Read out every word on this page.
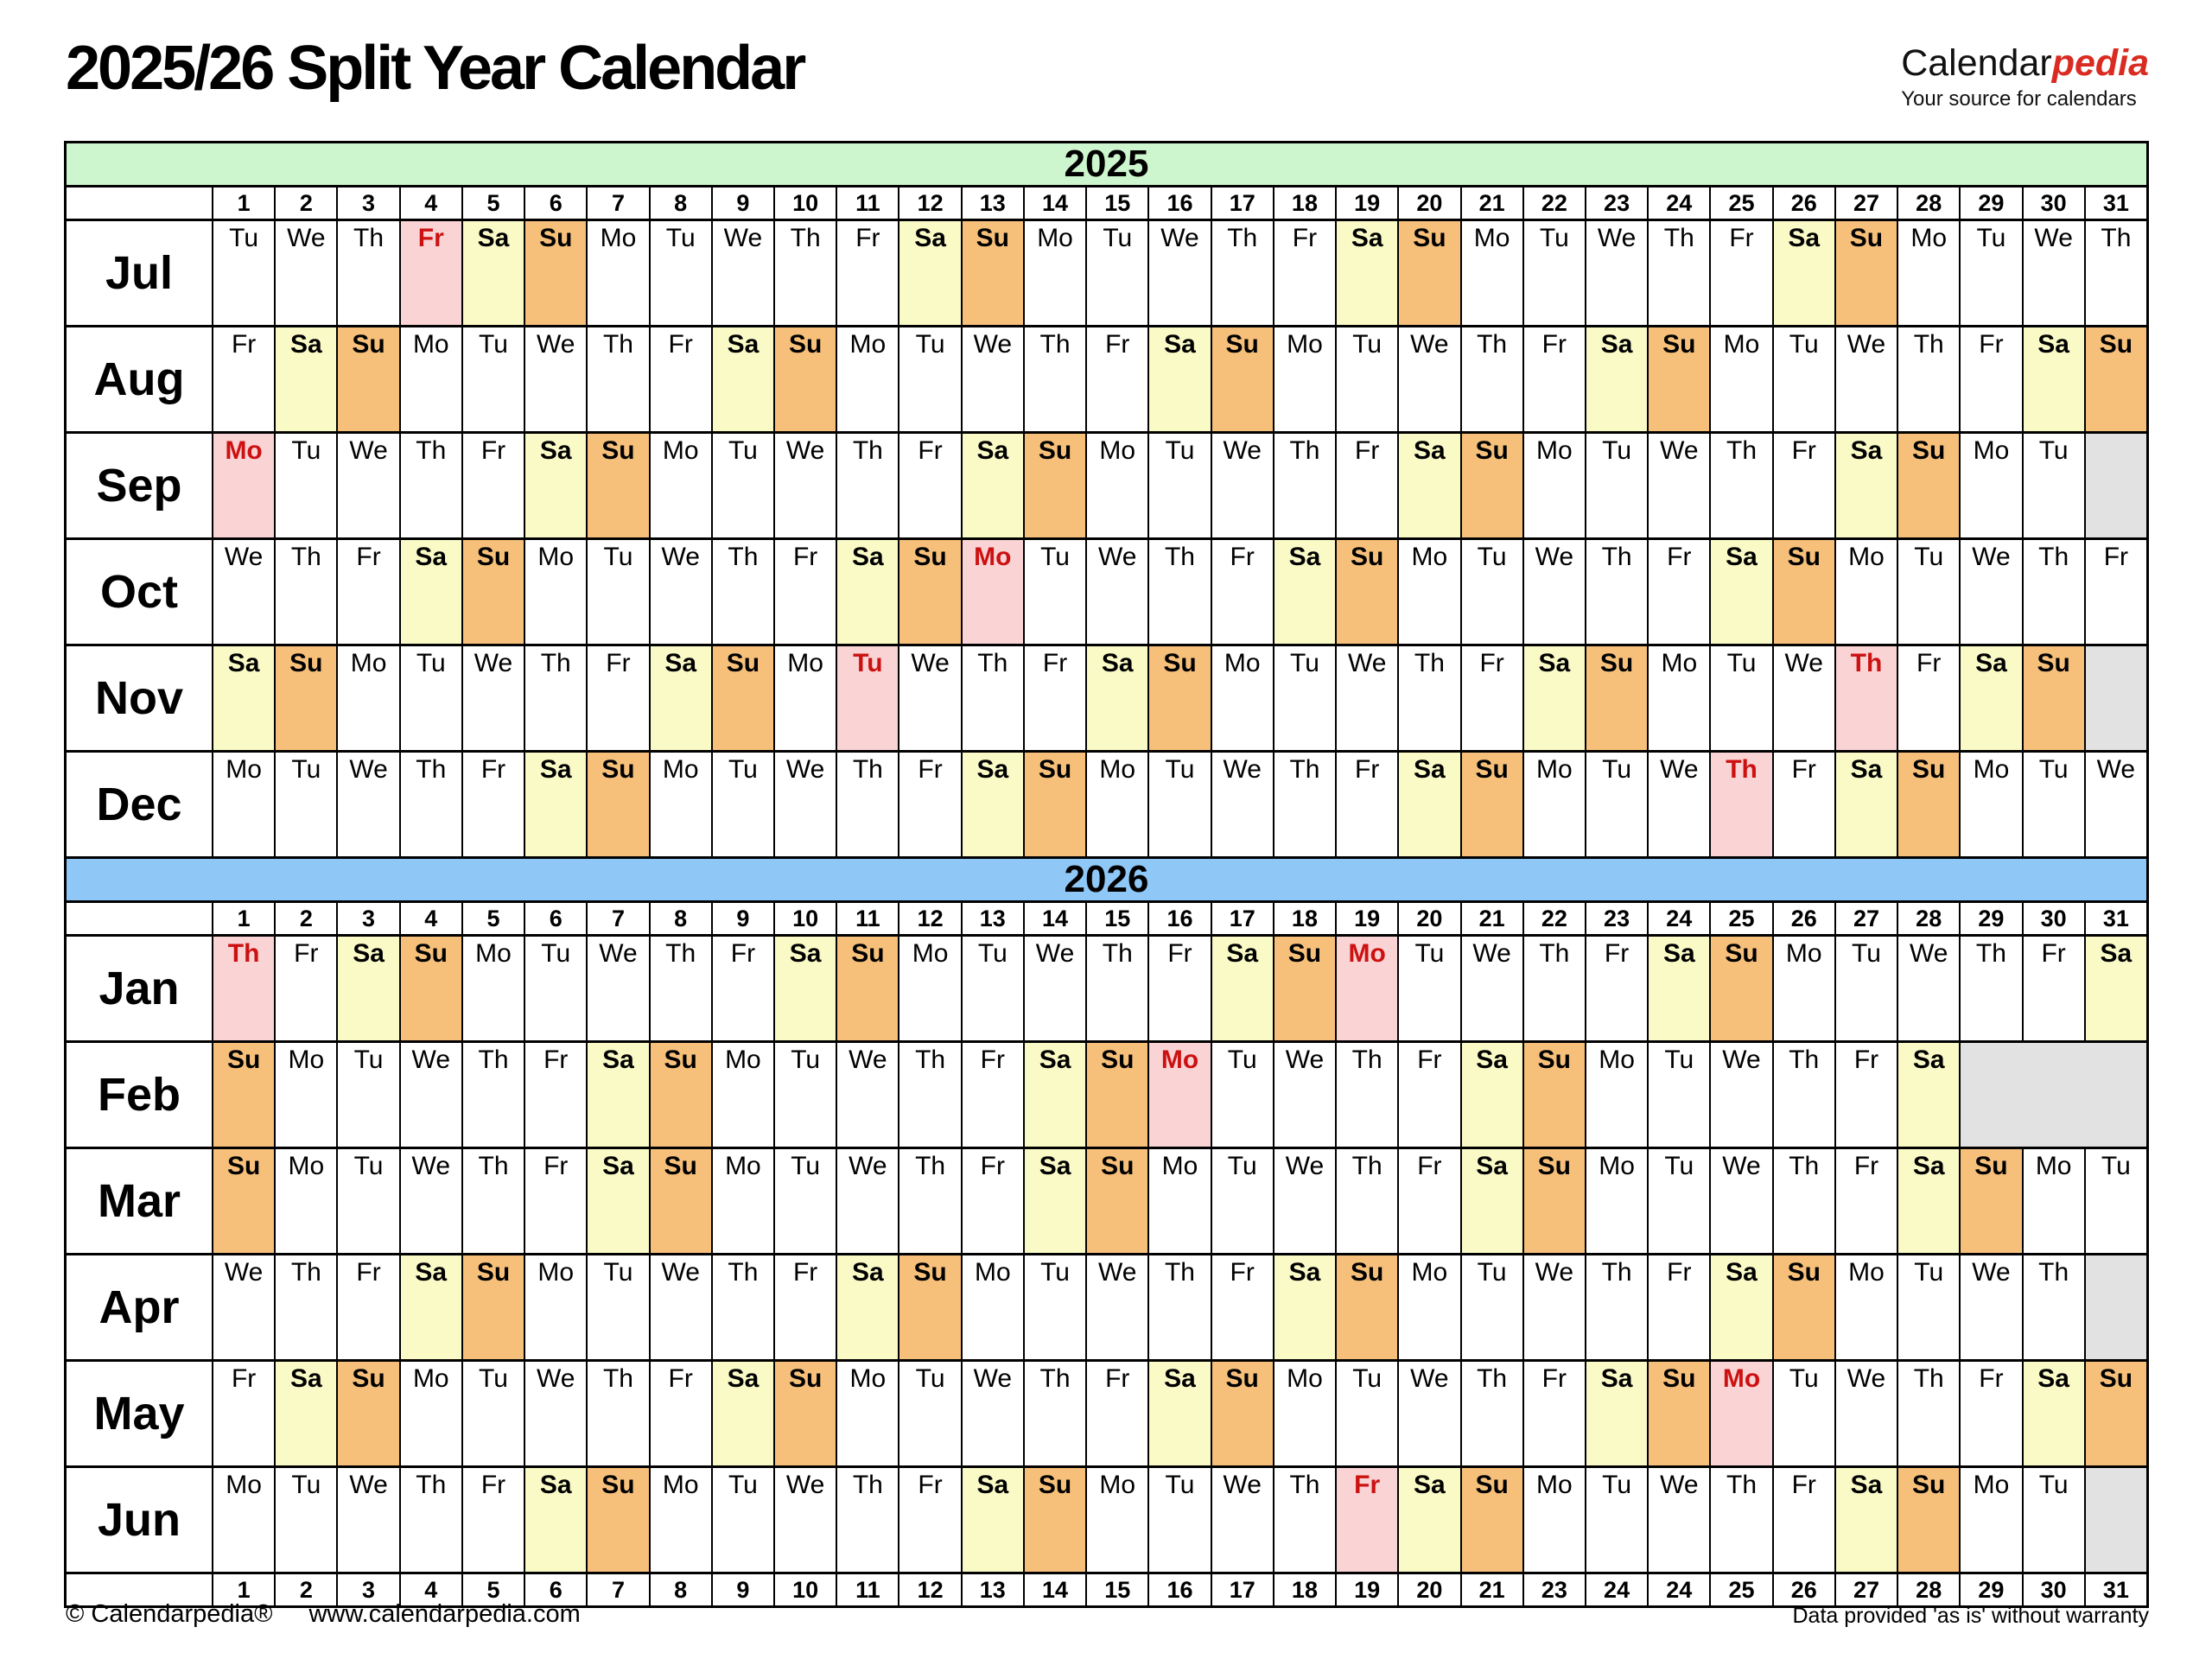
2025/26 Split Year Calendar	Calendarpedia
Your source for calendars
2025
1	2	3	4	5	6	7	8	9	10	11	12	13	14	15	16	17	18	19	20	21	22	23	24	25	26	27	28	29	30	31
Jul
Tu	We	Th	Fr	Sa	Su	Mo	Tu	We	Th	Fr	Sa	Su	Mo	Tu	We	Th	Fr	Sa	Su	Mo	Tu	We	Th	Fr	Sa	Su	Mo	Tu	We	Th
Aug
Fr	Sa	Su	Mo	Tu	We	Th	Fr	Sa	Su	Mo	Tu	We	Th	Fr	Sa	Su	Mo	Tu	We	Th	Fr	Sa	Su	Mo	Tu	We	Th	Fr	Sa	Su
Sep
Mo	Tu	We	Th	Fr	Sa	Su	Mo	Tu	We	Th	Fr	Sa	Su	Mo	Tu	We	Th	Fr	Sa	Su	Mo	Tu	We	Th	Fr	Sa	Su	Mo	Tu
Oct
We	Th	Fr	Sa	Su	Mo	Tu	We	Th	Fr	Sa	Su	Mo	Tu	We	Th	Fr	Sa	Su	Mo	Tu	We	Th	Fr	Sa	Su	Mo	Tu	We	Th	Fr
Nov
Sa	Su	Mo	Tu	We	Th	Fr	Sa	Su	Mo	Tu	We	Th	Fr	Sa	Su	Mo	Tu	We	Th	Fr	Sa	Su	Mo	Tu	We	Th	Fr	Sa	Su
Dec
Mo	Tu	We	Th	Fr	Sa	Su	Mo	Tu	We	Th	Fr	Sa	Su	Mo	Tu	We	Th	Fr	Sa	Su	Mo	Tu	We	Th	Fr	Sa	Su	Mo	Tu	We
2026
1	2	3	4	5	6	7	8	9	10	11	12	13	14	15	16	17	18	19	20	21	22	23	24	25	26	27	28	29	30	31
Jan
Th	Fr	Sa	Su	Mo	Tu	We	Th	Fr	Sa	Su	Mo	Tu	We	Th	Fr	Sa	Su	Mo	Tu	We	Th	Fr	Sa	Su	Mo	Tu	We	Th	Fr	Sa
Feb
Su	Mo	Tu	We	Th	Fr	Sa	Su	Mo	Tu	We	Th	Fr	Sa	Su	Mo	Tu	We	Th	Fr	Sa	Su	Mo	Tu	We	Th	Fr	Sa
Mar
Su	Mo	Tu	We	Th	Fr	Sa	Su	Mo	Tu	We	Th	Fr	Sa	Su	Mo	Tu	We	Th	Fr	Sa	Su	Mo	Tu	We	Th	Fr	Sa	Su	Mo	Tu
Apr
We	Th	Fr	Sa	Su	Mo	Tu	We	Th	Fr	Sa	Su	Mo	Tu	We	Th	Fr	Sa	Su	Mo	Tu	We	Th	Fr	Sa	Su	Mo	Tu	We	Th
May
Fr	Sa	Su	Mo	Tu	We	Th	Fr	Sa	Su	Mo	Tu	We	Th	Fr	Sa	Su	Mo	Tu	We	Th	Fr	Sa	Su	Mo	Tu	We	Th	Fr	Sa	Su
Jun
Mo	Tu	We	Th	Fr	Sa	Su	Mo	Tu	We	Th	Fr	Sa	Su	Mo	Tu	We	Th	Fr	Sa	Su	Mo	Tu	We	Th	Fr	Sa	Su	Mo	Tu
1	2	3	4	5	6	7	8	9	10	11	12	13	14	15	16	17	18	19	20	21	23	24	24	25	26	27	28	29	30	31
© Calendarpedia® www.calendarpedia.com	Data provided 'as is' without warranty
